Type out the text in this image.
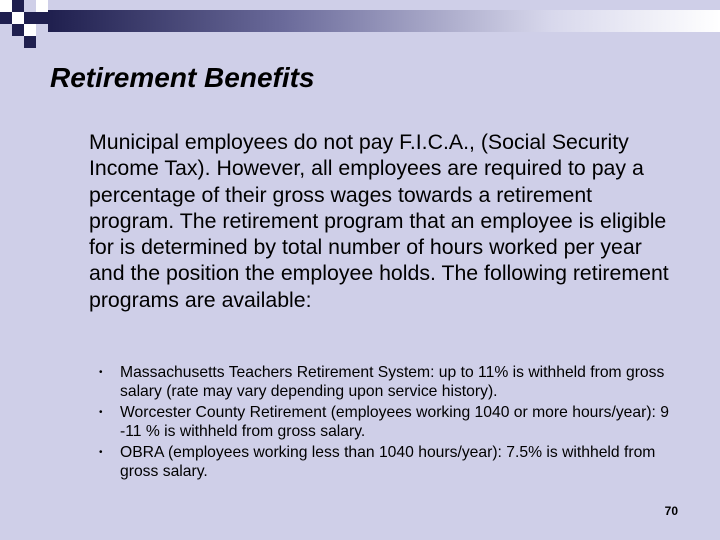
Retirement Benefits

Municipal employees do not pay F.I.C.A., (Social Security Income Tax). However, all employees are required to pay a percentage of their gross wages towards a retirement program. The retirement program that an employee is eligible for is determined by total number of hours worked per year and the position the employee holds. The following retirement programs are available:

• Massachusetts Teachers Retirement System: up to 11% is withheld from gross salary (rate may vary depending upon service history).
• Worcester County Retirement (employees working 1040 or more hours/year): 9 -11 % is withheld from gross salary.
• OBRA (employees working less than 1040 hours/year): 7.5% is withheld from gross salary.
70
